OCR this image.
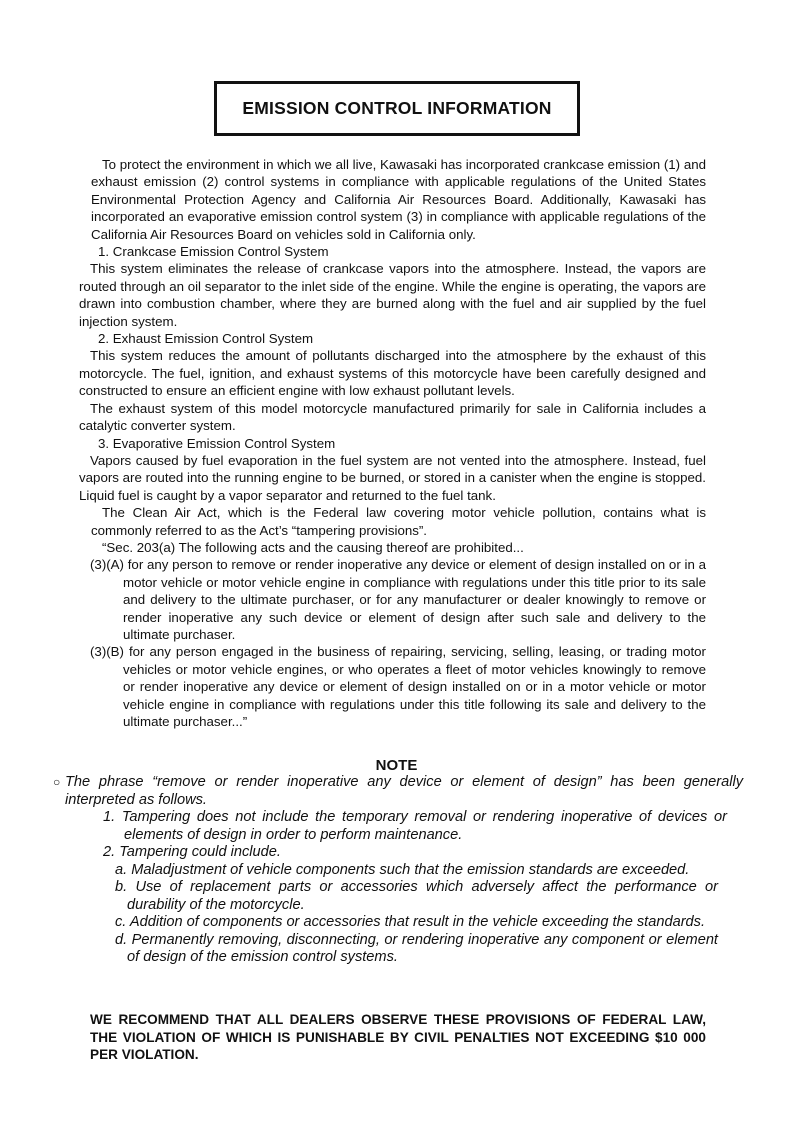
EMISSION CONTROL INFORMATION

To protect the environment in which we all live, Kawasaki has incorporated crankcase emission (1) and exhaust emission (2) control systems in compliance with applicable regulations of the United States Environmental Protection Agency and California Air Resources Board. Additionally, Kawasaki has incorporated an evaporative emission control system (3) in compliance with applicable regulations of the California Air Resources Board on vehicles sold in California only.

1. Crankcase Emission Control System

This system eliminates the release of crankcase vapors into the atmosphere. Instead, the vapors are routed through an oil separator to the inlet side of the engine. While the engine is operating, the vapors are drawn into combustion chamber, where they are burned along with the fuel and air supplied by the fuel injection system.

2. Exhaust Emission Control System

This system reduces the amount of pollutants discharged into the atmosphere by the exhaust of this motorcycle. The fuel, ignition, and exhaust systems of this motorcycle have been carefully designed and constructed to ensure an efficient engine with low exhaust pollutant levels.

The exhaust system of this model motorcycle manufactured primarily for sale in California includes a catalytic converter system.

3. Evaporative Emission Control System

Vapors caused by fuel evaporation in the fuel system are not vented into the atmosphere. Instead, fuel vapors are routed into the running engine to be burned, or stored in a canister when the engine is stopped. Liquid fuel is caught by a vapor separator and returned to the fuel tank.

The Clean Air Act, which is the Federal law covering motor vehicle pollution, contains what is commonly referred to as the Act’s “tampering provisions”.

“Sec. 203(a) The following acts and the causing thereof are prohibited...

(3)(A) for any person to remove or render inoperative any device or element of design installed on or in a motor vehicle or motor vehicle engine in compliance with regulations under this title prior to its sale and delivery to the ultimate purchaser, or for any manufacturer or dealer knowingly to remove or render inoperative any such device or element of design after such sale and delivery to the ultimate purchaser.

(3)(B) for any person engaged in the business of repairing, servicing, selling, leasing, or trading motor vehicles or motor vehicle engines, or who operates a fleet of motor vehicles knowingly to remove or render inoperative any device or element of design installed on or in a motor vehicle or motor vehicle engine in compliance with regulations under this title following its sale and delivery to the ultimate purchaser...”

NOTE

○ The phrase “remove or render inoperative any device or element of design” has been generally interpreted as follows.

1. Tampering does not include the temporary removal or rendering inoperative of devices or elements of design in order to perform maintenance.

2. Tampering could include.

a. Maladjustment of vehicle components such that the emission standards are exceeded.

b. Use of replacement parts or accessories which adversely affect the performance or durability of the motorcycle.

c. Addition of components or accessories that result in the vehicle exceeding the standards.

d. Permanently removing, disconnecting, or rendering inoperative any component or element of design of the emission control systems.

WE RECOMMEND THAT ALL DEALERS OBSERVE THESE PROVISIONS OF FEDERAL LAW, THE VIOLATION OF WHICH IS PUNISHABLE BY CIVIL PENALTIES NOT EXCEEDING $10 000 PER VIOLATION.
